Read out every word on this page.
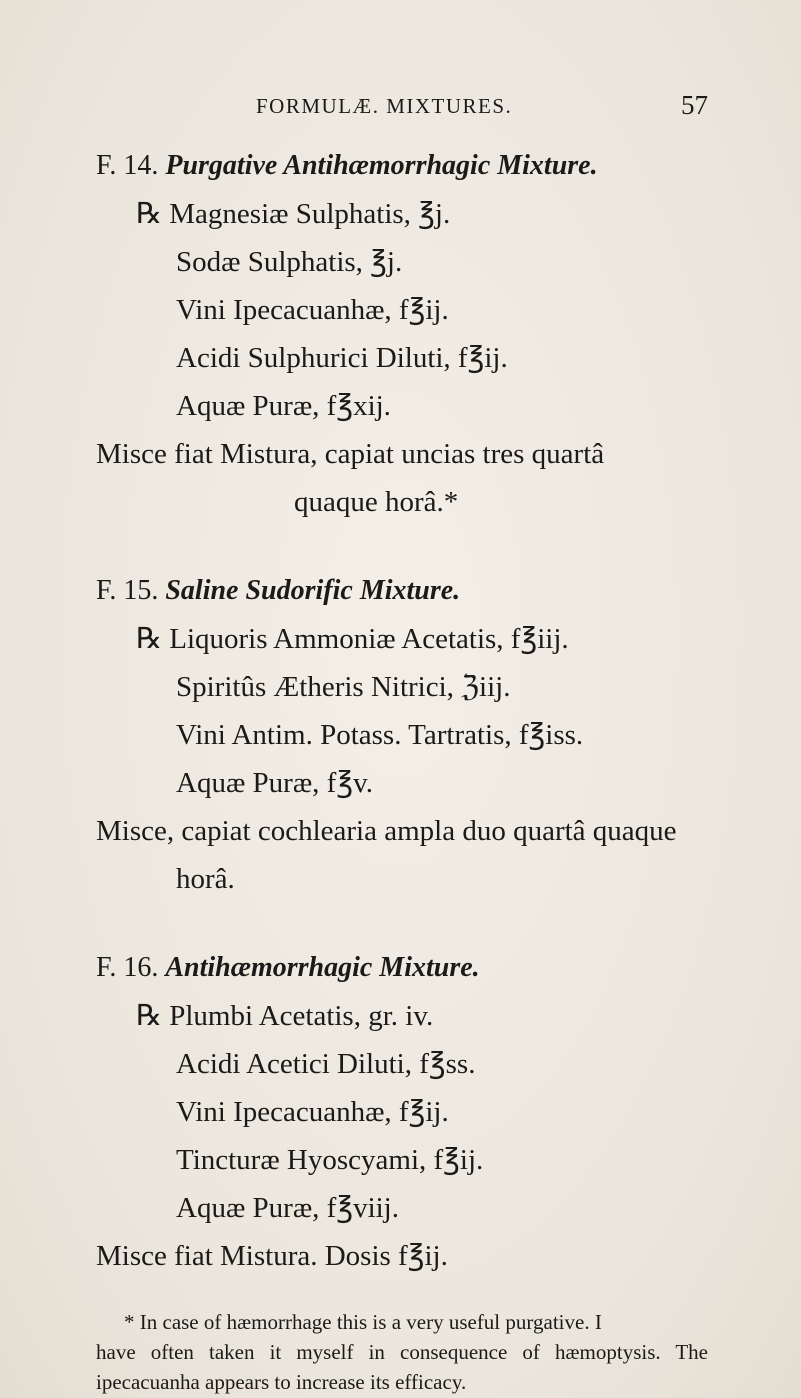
FORMULÆ. MIXTURES.	57
F. 14. Purgative Antihæmorrhagic Mixture.
℞ Magnesiæ Sulphatis, ℥j.
Sodæ Sulphatis, ℥j.
Vini Ipecacuanhæ, f℥ij.
Acidi Sulphurici Diluti, f℥ij.
Aquæ Puræ, f℥xij.
Misce fiat Mistura, capiat uncias tres quartâ
quaque horâ.*
F. 15. Saline Sudorific Mixture.
℞ Liquoris Ammoniæ Acetatis, f℥iij.
Spiritûs Ætheris Nitrici, ℨiij.
Vini Antim. Potass. Tartratis, f℥iss.
Aquæ Puræ, f℥v.
Misce, capiat cochlearia ampla duo quartâ quaque
horâ.
F. 16. Antihæmorrhagic Mixture.
℞ Plumbi Acetatis, gr. iv.
Acidi Acetici Diluti, f℥ss.
Vini Ipecacuanhæ, f℥ij.
Tincturæ Hyoscyami, f℥ij.
Aquæ Puræ, f℥viij.
Misce fiat Mistura. Dosis f℥ij.
* In case of hæmorrhage this is a very useful purgative. I
have often taken it myself in consequence of hæmoptysis. The ipecacuanha appears to increase its efficacy.
